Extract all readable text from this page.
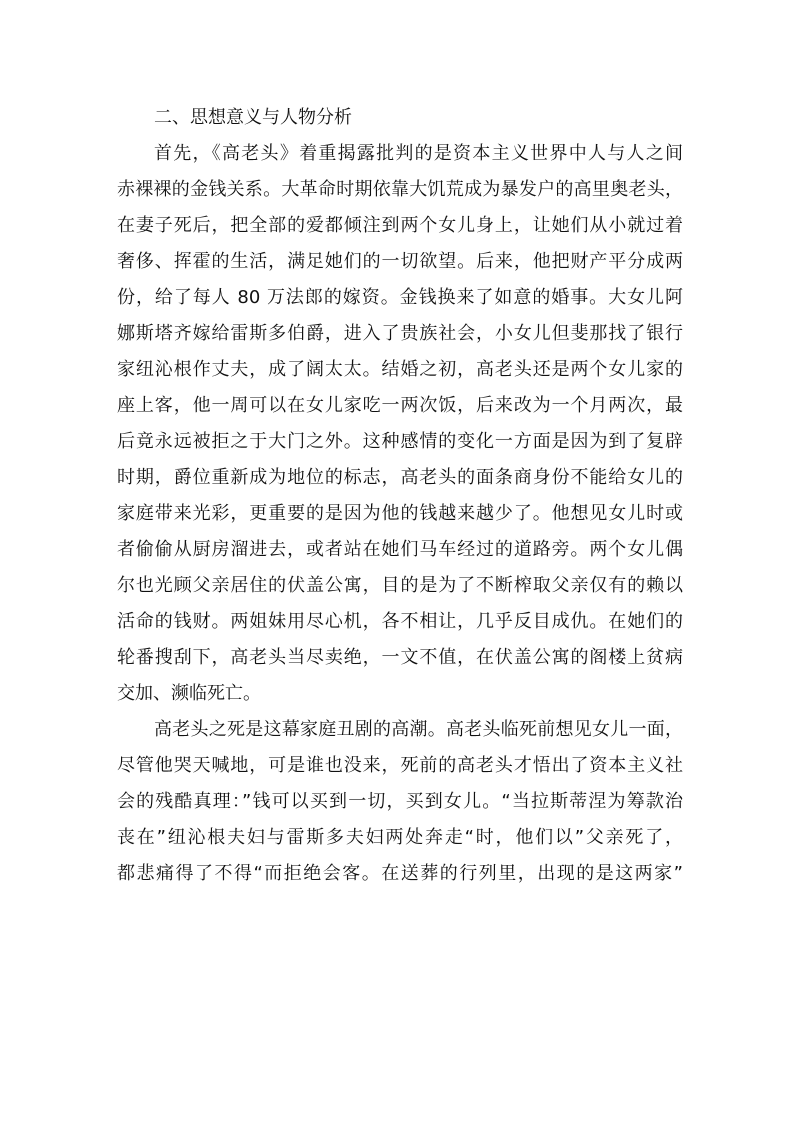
二、思想意义与人物分析
首先，《高老头》着重揭露批判的是资本主义世界中人与人之间
赤裸裸的金钱关系。大革命时期依靠大饥荒成为暴发户的高里奥老头，
在妻子死后，把全部的爱都倾注到两个女儿身上，让她们从小就过着
奢侈、挥霍的生活，满足她们的一切欲望。后来，他把财产平分成两
份，给了每人 80 万法郎的嫁资。金钱换来了如意的婚事。大女儿阿
娜斯塔齐嫁给雷斯多伯爵，进入了贵族社会，小女儿但斐那找了银行
家纽沁根作丈夫，成了阔太太。结婚之初，高老头还是两个女儿家的
座上客，他一周可以在女儿家吃一两次饭，后来改为一个月两次，最
后竟永远被拒之于大门之外。这种感情的变化一方面是因为到了复辟
时期，爵位重新成为地位的标志，高老头的面条商身份不能给女儿的
家庭带来光彩，更重要的是因为他的钱越来越少了。他想见女儿时或
者偷偷从厨房溜进去，或者站在她们马车经过的道路旁。两个女儿偶
尔也光顾父亲居住的伏盖公寓，目的是为了不断榨取父亲仅有的赖以
活命的钱财。两姐妹用尽心机，各不相让，几乎反目成仇。在她们的
轮番搜刮下，高老头当尽卖绝，一文不值，在伏盖公寓的阁楼上贫病
交加、濒临死亡。
高老头之死是这幕家庭丑剧的高潮。高老头临死前想见女儿一面，
尽管他哭天喊地，可是谁也没来，死前的高老头才悟出了资本主义社
会的残酷真理：”钱可以买到一切，买到女儿。“当拉斯蒂涅为筹款治
丧在”纽沁根夫妇与雷斯多夫妇两处奔走“时，他们以”父亲死了，
都悲痛得了不得“而拒绝会客。在送葬的行列里，出现的是这两家”
